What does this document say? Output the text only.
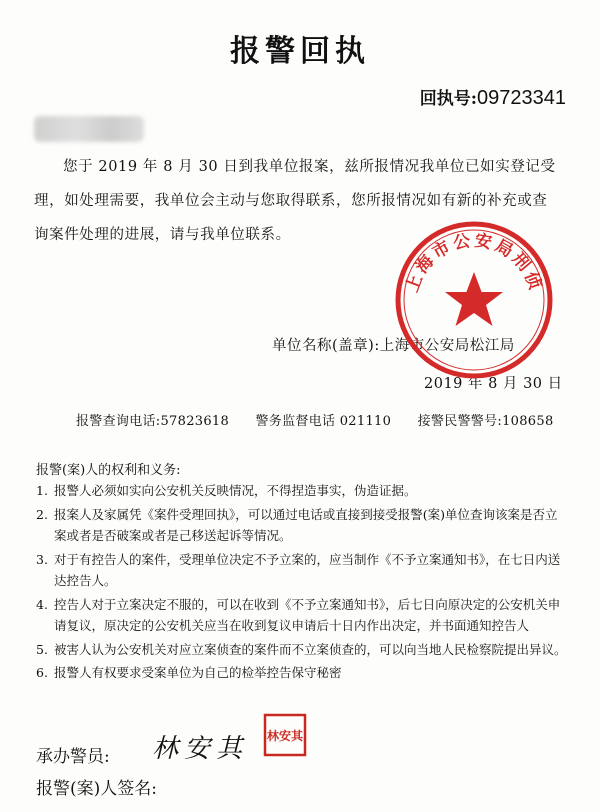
报警回执
回执号:09723341
您于 2019 年 8 月 30 日到我单位报案，兹所报情况我单位已如实登记受理，如处理需要，我单位会主动与您取得联系，您所报情况如有新的补充或查询案件处理的进展，请与我单位联系。
单位名称(盖章):上海市公安局松江局
2019 年 8 月 30 日
报警查询电话:57823618 警务监督电话 021110 接警民警警号:108658
报警(案)人的权利和义务:
1. 报警人必须如实向公安机关反映情况，不得捏造事实，伪造证据。
2. 报案人及家属凭《案件受理回执》，可以通过电话或直接到接受报警(案)单位查询该案是否立案或者是否破案或者是己移送起诉等情况。
3. 对于有控告人的案件，受理单位决定不予立案的，应当制作《不予立案通知书》，在七日内送达控告人。
4. 控告人对于立案决定不服的，可以在收到《不予立案通知书》，后七日向原决定的公安机关申请复议，原决定的公安机关应当在收到复议申请后十日内作出决定，并书面通知控告人
5. 被害人认为公安机关对应立案侦查的案件而不立案侦查的，可以向当地人民检察院提出异议。
6. 报警人有权要求受案单位为自己的检举控告保守秘密
承办警员: 林安其
报警(案)人签名:
上海市公安局刑侦
林安其
